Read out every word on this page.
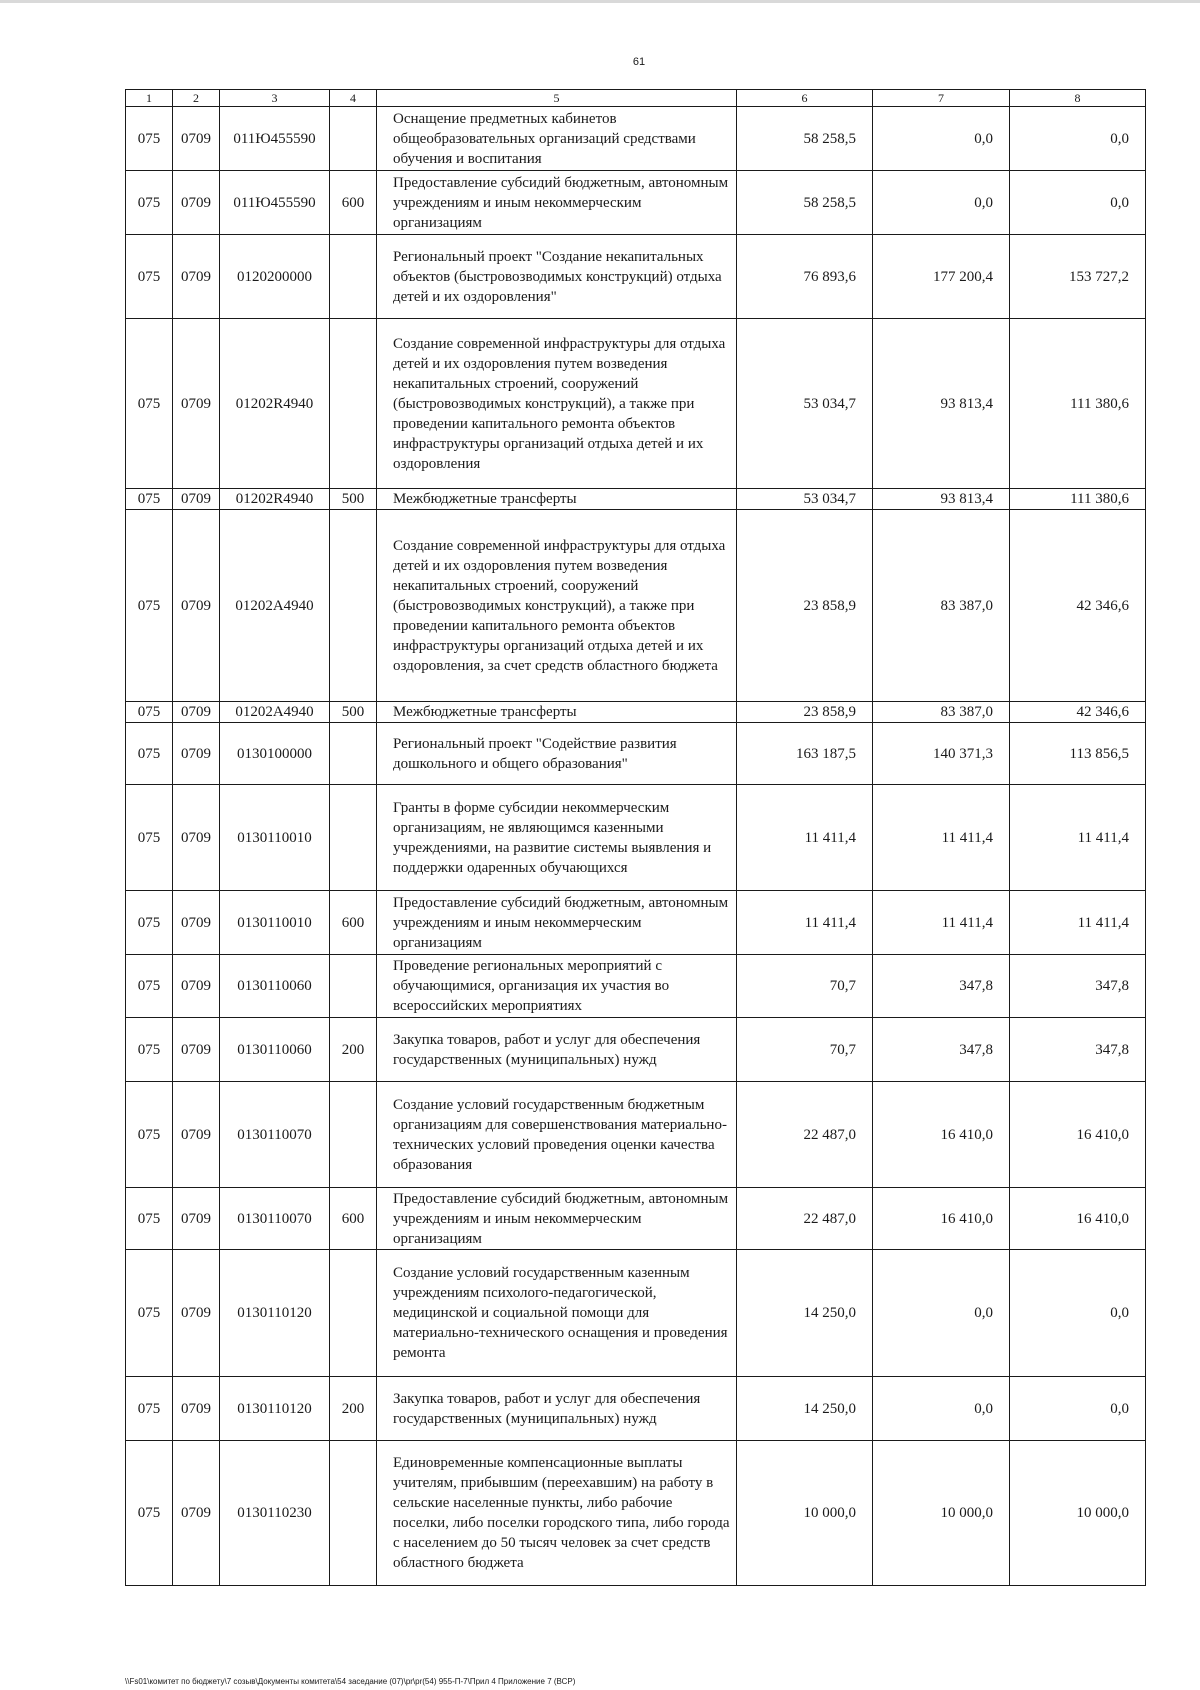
61
1	2	3	4	5	6	7	8
075	0709	011Ю455590		Оснащение предметных кабинетов общеобразовательных организаций средствами обучения и воспитания	58 258,5	0,0	0,0
075	0709	011Ю455590	600	Предоставление субсидий бюджетным, автономным учреждениям и иным некоммерческим организациям	58 258,5	0,0	0,0
075	0709	0120200000		Региональный проект "Создание некапитальных объектов (быстровозводимых конструкций) отдыха детей и их оздоровления"	76 893,6	177 200,4	153 727,2
075	0709	01202R4940		Создание современной инфраструктуры для отдыха детей и их оздоровления путем возведения некапитальных строений, сооружений (быстровозводимых конструкций), а также при проведении капитального ремонта объектов инфраструктуры организаций отдыха детей и их оздоровления	53 034,7	93 813,4	111 380,6
075	0709	01202R4940	500	Межбюджетные трансферты	53 034,7	93 813,4	111 380,6
075	0709	01202А4940		Создание современной инфраструктуры для отдыха детей и их оздоровления путем возведения некапитальных строений, сооружений (быстровозводимых конструкций), а также при проведении капитального ремонта объектов инфраструктуры организаций отдыха детей и их оздоровления, за счет средств областного бюджета	23 858,9	83 387,0	42 346,6
075	0709	01202А4940	500	Межбюджетные трансферты	23 858,9	83 387,0	42 346,6
075	0709	0130100000		Региональный проект "Содействие развития дошкольного и общего образования"	163 187,5	140 371,3	113 856,5
075	0709	0130110010		Гранты в форме субсидии некоммерческим организациям, не являющимся казенными учреждениями, на развитие системы выявления и поддержки одаренных обучающихся	11 411,4	11 411,4	11 411,4
075	0709	0130110010	600	Предоставление субсидий бюджетным, автономным учреждениям и иным некоммерческим организациям	11 411,4	11 411,4	11 411,4
075	0709	0130110060		Проведение региональных мероприятий с обучающимися, организация их участия во всероссийских мероприятиях	70,7	347,8	347,8
075	0709	0130110060	200	Закупка товаров, работ и услуг для обеспечения государственных (муниципальных) нужд	70,7	347,8	347,8
075	0709	0130110070		Создание условий государственным бюджетным организациям для совершенствования материально-технических условий проведения оценки качества образования	22 487,0	16 410,0	16 410,0
075	0709	0130110070	600	Предоставление субсидий бюджетным, автономным учреждениям и иным некоммерческим организациям	22 487,0	16 410,0	16 410,0
075	0709	0130110120		Создание условий государственным казенным учреждениям психолого-педагогической, медицинской и социальной помощи для материально-технического оснащения и проведения ремонта	14 250,0	0,0	0,0
075	0709	0130110120	200	Закупка товаров, работ и услуг для обеспечения государственных (муниципальных) нужд	14 250,0	0,0	0,0
075	0709	0130110230		Единовременные компенсационные выплаты учителям, прибывшим (переехавшим) на работу в сельские населенные пункты, либо рабочие поселки, либо поселки городского типа, либо города с населением до 50 тысяч человек за счет средств областного бюджета	10 000,0	10 000,0	10 000,0
\\Fs01\комитет по бюджету\7 созыв\Документы комитета\54 заседание (07)\pr\pr(54) 955-П-7\Прил 4 Приложение 7 (ВСР)
